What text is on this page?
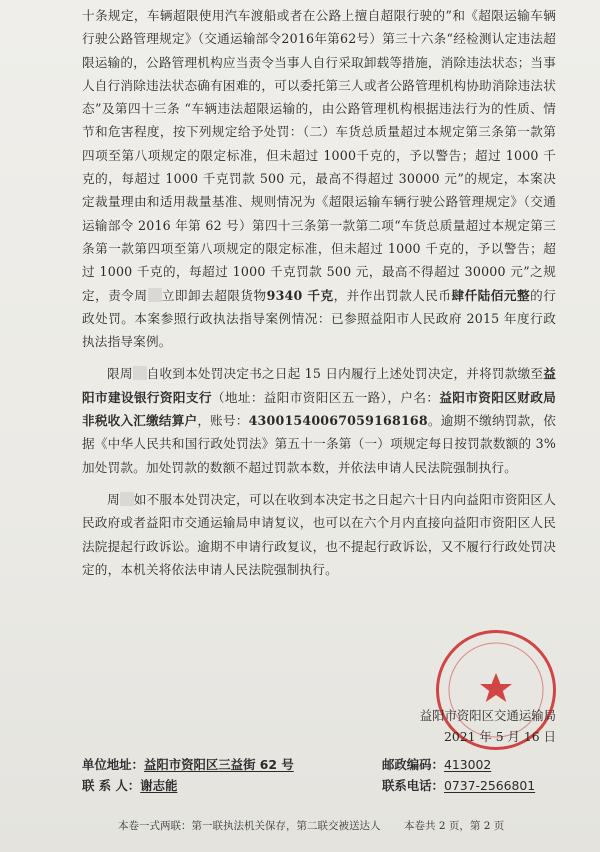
十条规定，车辆超限使用汽车渡船或者在公路上擅自超限行驶的”和《超限运输车辆行驶公路管理规定》（交通运输部令2016年第62号）第三十六条“经检测认定违法超限运输的，公路管理机构应当责令当事人自行采取卸载等措施，消除违法状态；当事人自行消除违法状态确有困难的，可以委托第三人或者公路管理机构协助消除违法状态”及第四十三条 “车辆违法超限运输的，由公路管理机构根据违法行为的性质、情节和危害程度，按下列规定给予处罚：（二）车货总质量超过本规定第三条第一款第四项至第八项规定的限定标准，但未超过 1000千克的，予以警告；超过 1000 千克的，每超过 1000 千克罚款 500 元，最高不得超过 30000 元”的规定，本案决定裁量理由和适用裁量基准、规则情况为《超限运输车辆行驶公路管理规定》（交通运输部令 2016 年第 62 号）第四十三条第一款第二项“车货总质量超过本规定第三条第一款第四项至第八项规定的限定标准，但未超过 1000 千克的，予以警告；超过 1000 千克的，每超过 1000 千克罚款 500 元，最高不得超过 30000 元”之规定，责令周 立即卸去超限货物9340 千克，并作出罚款人民币肆仟陆佰元整的行政处罚。本案参照行政执法指导案例情况：已参照益阳市人民政府 2015 年度行政执法指导案例。

限周 自收到本处罚决定书之日起 15 日内履行上述处罚决定，并将罚款缴至益阳市建设银行资阳支行（地址：益阳市资阳区五一路），户名：益阳市资阳区财政局非税收入汇缴结算户，账号：43001540067059168168。逾期不缴纳罚款，依据《中华人民共和国行政处罚法》第五十一条第（一）项规定每日按罚款数额的 3%加处罚款。加处罚款的数额不超过罚款本数，并依法申请人民法院强制执行。

周 如不服本处罚决定，可以在收到本决定书之日起六十日内向益阳市资阳区人民政府或者益阳市交通运输局申请复议，也可以在六个月内直接向益阳市资阳区人民法院提起行政诉讼。逾期不申请行政复议，也不提起行政诉讼，又不履行行政处罚决定的，本机关将依法申请人民法院强制执行。

益阳市资阳区交通运输局
2021 年 5 月 16 日
单位地址：益阳市资阳区三益街 62 号	邮政编码：413002
联 系 人：谢志能	联系电话：0737-2566801
本卷一式两联：第一联执法机关保存，第二联交被送达人 本卷共 2 页，第 2 页
